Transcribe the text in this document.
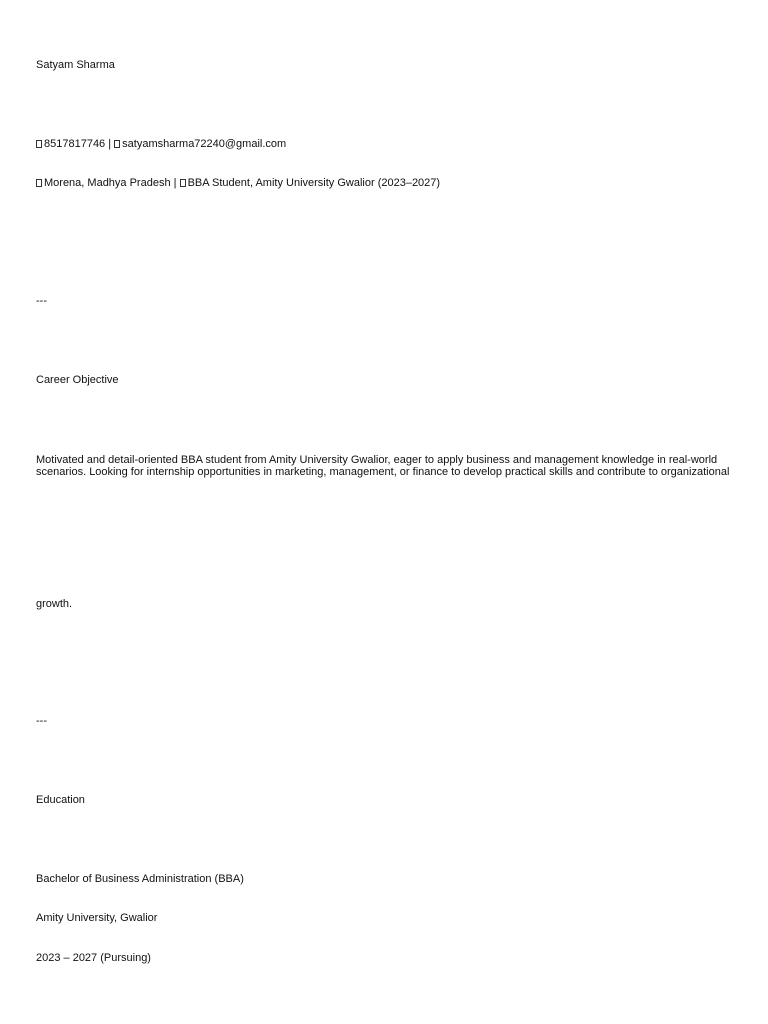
Satyam Sharma

8517817746 | satyamsharma72240@gmail.com

Morena, Madhya Pradesh | BBA Student, Amity University Gwalior (2023–2027)

---

Career Objective

Motivated and detail-oriented BBA student from Amity University Gwalior, eager to apply business and management knowledge in real-world scenarios. Looking for internship opportunities in marketing, management, or finance to develop practical skills and contribute to organizational

growth.

---

Education

Bachelor of Business Administration (BBA)

Amity University, Gwalior

2023 – 2027 (Pursuing)
